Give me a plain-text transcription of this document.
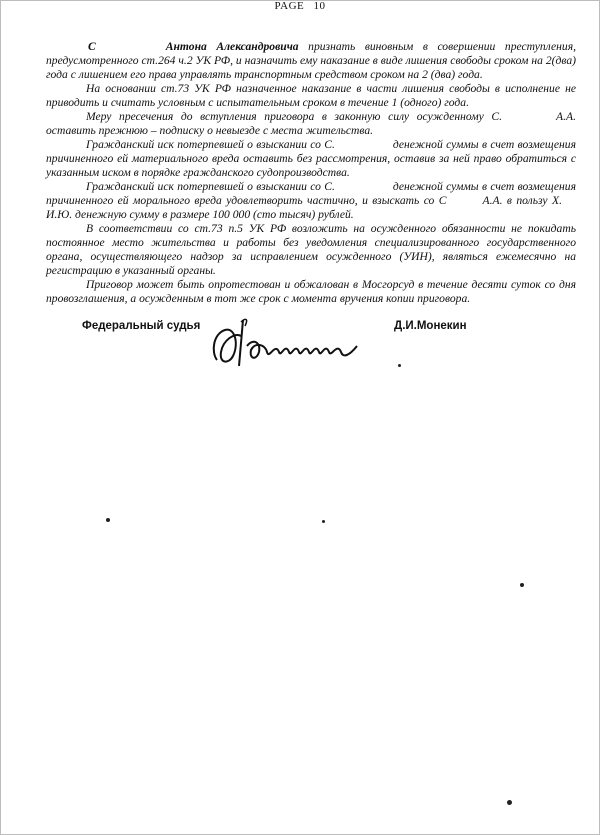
PAGE 10

С	Антона Александровича признать виновным в совершении преступления, предусмотренного ст.264 ч.2 УК РФ, и назначить ему наказание в виде лишения свободы сроком на 2(два) года с лишением его права управлять транспортным средством сроком на 2 (два) года.

На основании ст.73 УК РФ назначенное наказание в части лишения свободы в исполнение не приводить и считать условным с испытательным сроком в течение 1 (одного) года.

Меру пресечения до вступления приговора в законную силу осужденному С.	А.А. оставить прежнюю – подписку о невыезде с места жительства.

Гражданский иск потерпевшей о взыскании со С.	денежной суммы в счет возмещения причиненного ей материального вреда оставить без рассмотрения, оставив за ней право обратиться с указанным иском в порядке гражданского судопроизводства.

Гражданский иск потерпевшей о взыскании со С.	денежной суммы в счет возмещения причиненного ей морального вреда удовлетворить частично, и взыскать со С	А.А. в пользу Х.И.Ю. денежную сумму в размере 100 000 (сто тысяч) рублей.

В соответствии со ст.73 п.5 УК РФ возложить на осужденного обязанности не покидать постоянное место жительства и работы без уведомления специализированного государственного органа, осуществляющего надзор за исправлением осужденного (УИН), являться ежемесячно на регистрацию в указанный органы.

Приговор может быть опротестован и обжалован в Мосгорсуд в течение десяти суток со дня провозглашения, а осужденным в тот же срок с момента вручения копии приговора.

Федеральный судья	Д.И.Монекин
